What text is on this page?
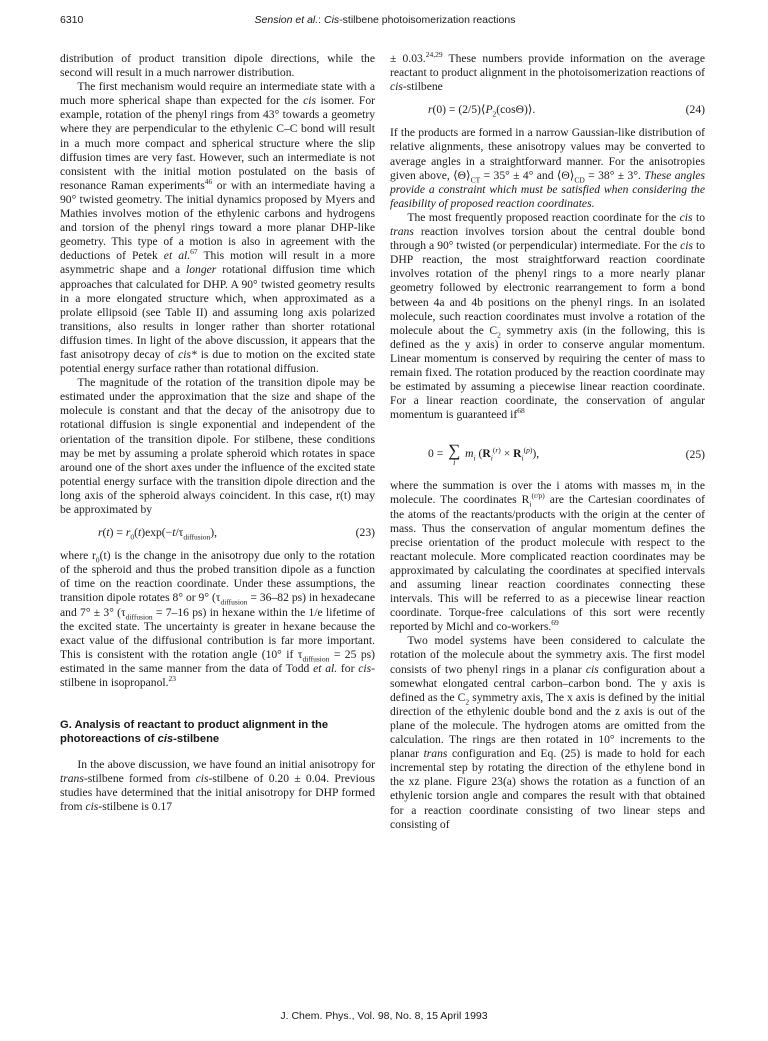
6310	Sension et al.: Cis-stilbene photoisomerization reactions

distribution of product transition dipole directions, while the second will result in a much narrower distribution.

The first mechanism would require an intermediate state with a much more spherical shape than expected for the cis isomer. For example, rotation of the phenyl rings from 43° towards a geometry where they are perpendicular to the ethylenic C–C bond will result in a much more compact and spherical structure where the slip diffusion times are very fast. However, such an intermediate is not consistent with the initial motion postulated on the basis of resonance Raman experiments$^{46}$ or with an intermediate having a 90° twisted geometry. The initial dynamics proposed by Myers and Mathies involves motion of the ethylenic carbons and hydrogens and torsion of the phenyl rings toward a more planar DHP-like geometry. This type of a motion is also in agreement with the deductions of Petek et al.$^{67}$ This motion will result in a more asymmetric shape and a longer rotational diffusion time which approaches that calculated for DHP. A 90° twisted geometry results in a more elongated structure which, when approximated as a prolate ellipsoid (see Table II) and assuming long axis polarized transitions, also results in longer rather than shorter rotational diffusion times. In light of the above discussion, it appears that the fast anisotropy decay of cis* is due to motion on the excited state potential energy surface rather than rotational diffusion.

The magnitude of the rotation of the transition dipole may be estimated under the approximation that the size and shape of the molecule is constant and that the decay of the anisotropy due to rotational diffusion is single exponential and independent of the orientation of the transition dipole. For stilbene, these conditions may be met by assuming a prolate spheroid which rotates in space around one of the short axes under the influence of the excited state potential energy surface with the transition dipole direction and the long axis of the spheroid always coincident. In this case, r(t) may be approximated by

$r(t) = r_0(t)\exp(-t/\tau_{diffusion})$,	(23)

where $r_0(t)$ is the change in the anisotropy due only to the rotation of the spheroid and thus the probed transition dipole as a function of time on the reaction coordinate. Under these assumptions, the transition dipole rotates 8° or 9° ($\tau_{diffusion} = 36-82$ ps) in hexadecane and 7° ± 3° ($\tau_{diffusion} = 7-16$ ps) in hexane within the 1/e lifetime of the excited state. The uncertainty is greater in hexane because the exact value of the diffusional contribution is far more important. This is consistent with the rotation angle (10° if $\tau_{diffusion} = 25$ ps) estimated in the same manner from the data of Todd et al. for cis-stilbene in isopropanol.$^{23}$

G. Analysis of reactant to product alignment in the photoreactions of cis-stilbene

In the above discussion, we have found an initial anisotropy for trans-stilbene formed from cis-stilbene of 0.20 ± 0.04. Previous studies have determined that the initial anisotropy for DHP formed from cis-stilbene is 0.17

± 0.03.$^{24,29}$ These numbers provide information on the average reactant to product alignment in the photoisomerization reactions of cis-stilbene

$r(0) = (2/5)⟨P_2(\cos\Theta)⟩$.	(24)

If the products are formed in a narrow Gaussian-like distribution of relative alignments, these anisotropy values may be converted to average angles in a straightforward manner. For the anisotropies given above, $⟨\Theta⟩_{CT} = 35^\circ \pm 4^\circ$ and $⟨\Theta⟩_{CD} = 38^\circ \pm 3^\circ$. These angles provide a constraint which must be satisfied when considering the feasibility of proposed reaction coordinates.

The most frequently proposed reaction coordinate for the cis to trans reaction involves torsion about the central double bond through a 90° twisted (or perpendicular) intermediate. For the cis to DHP reaction, the most straightforward reaction coordinate involves rotation of the phenyl rings to a more nearly planar geometry followed by electronic rearrangement to form a bond between 4a and 4b positions on the phenyl rings. In an isolated molecule, such reaction coordinates must involve a rotation of the molecule about the $C_2$ symmetry axis (in the following, this is defined as the y axis) in order to conserve angular momentum. Linear momentum is conserved by requiring the center of mass to remain fixed. The rotation produced by the reaction coordinate may be estimated by assuming a piecewise linear reaction coordinate. For a linear reaction coordinate, the conservation of angular momentum is guaranteed $if^{68}$

0 = ∑
i
$m_i$ $(R_i^{(r)} \times R_i^{(p)})$,	(25)

where the summation is over the i atoms with masses $m_i$ in the molecule. The coordinates $R_i^{(r/p)}$ are the Cartesian coordinates of the atoms of the reactants/products with the origin at the center of mass. Thus the conservation of angular momentum defines the precise orientation of the product molecule with respect to the reactant molecule. More complicated reaction coordinates may be approximated by calculating the coordinates at specified intervals and assuming linear reaction coordinates connecting these intervals. This will be referred to as a piecewise linear reaction coordinate. Torque-free calculations of this sort were recently reported by Michl and co-workers.$^{69}$

Two model systems have been considered to calculate the rotation of the molecule about the symmetry axis. The first model consists of two phenyl rings in a planar cis configuration about a somewhat elongated central carbon–carbon bond. The y axis is defined as the $C_2$ symmetry axis, The x axis is defined by the initial direction of the ethylenic double bond and the z axis is out of the plane of the molecule. The hydrogen atoms are omitted from the calculation. The rings are then rotated in 10° increments to the planar trans configuration and Eq. (25) is made to hold for each incremental step by rotating the direction of the ethylene bond in the xz plane. Figure 23(a) shows the rotation as a function of an ethylenic torsion angle and compares the result with that obtained for a reaction coordinate consisting of two linear steps and consisting of

J. Chem. Phys., Vol. 98, No. 8, 15 April 1993
